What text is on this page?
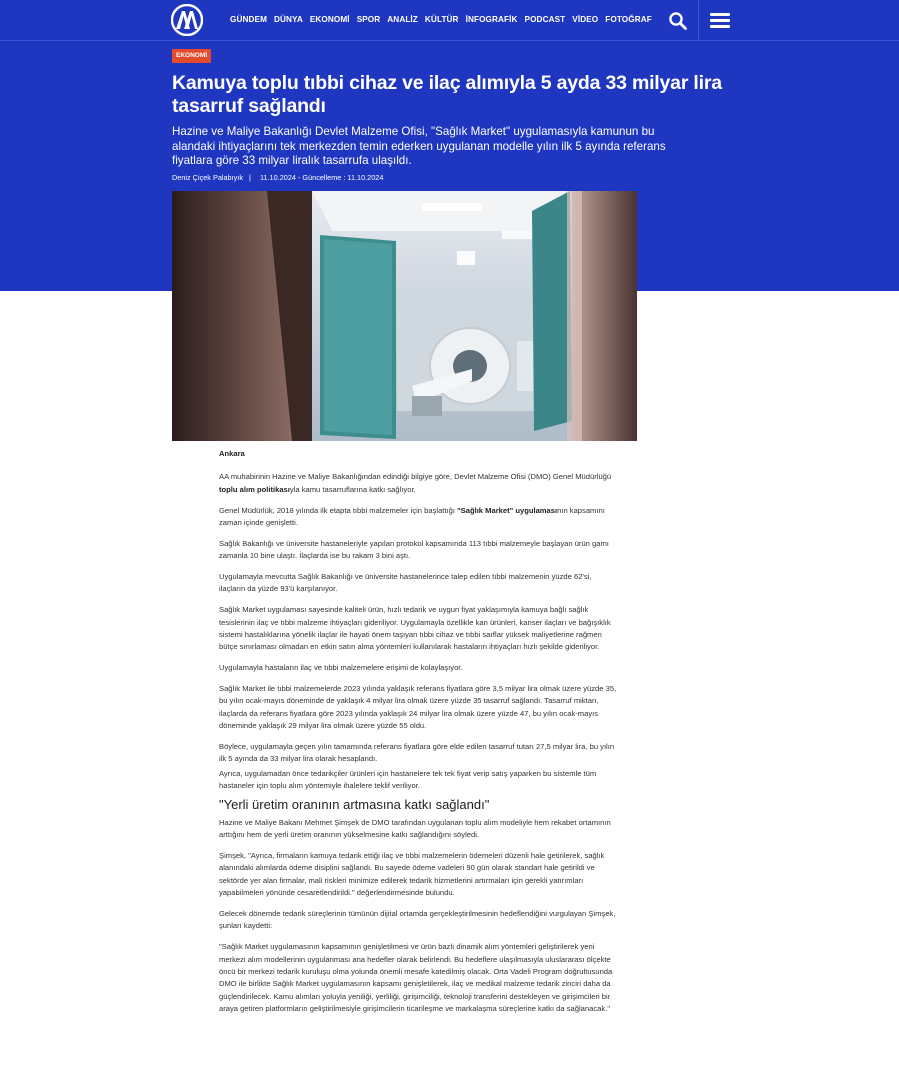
GÜNDEM DÜNYA EKONOMİ SPOR ANALİZ KÜLTÜR İNFOGRAFİK PODCAST VİDEO FOTOĞRAF
EKONOMİ
Kamuya toplu tıbbi cihaz ve ilaç alımıyla 5 ayda 33 milyar lira tasarruf sağlandı

Hazine ve Maliye Bakanlığı Devlet Malzeme Ofisi, "Sağlık Market" uygulamasıyla kamunun bu alandaki ihtiyaçlarını tek merkezden temin ederken uygulanan modelle yılın ilk 5 ayında referans fiyatlara göre 33 milyar liralık tasarrufa ulaşıldı.

Deniz Çiçek Palabıyık | 11.10.2024 - Güncelleme : 11.10.2024

Ankara

AA muhabirinin Hazine ve Maliye Bakanlığından edindiği bilgiye göre, Devlet Malzeme Ofisi (DMO) Genel Müdürlüğü toplu alım politikasıyla kamu tasarruflarına katkı sağlıyor.

Genel Müdürlük, 2018 yılında ilk etapta tıbbi malzemeler için başlattığı "Sağlık Market" uygulamasının kapsamını zaman içinde genişletti.

Sağlık Bakanlığı ve üniversite hastaneleriyle yapılan protokol kapsamında 113 tıbbi malzemeyle başlayan ürün gamı zamanla 10 bine ulaştı. İlaçlarda ise bu rakam 3 bini aştı.

Uygulamayla mevcutta Sağlık Bakanlığı ve üniversite hastanelerince talep edilen tıbbi malzemenin yüzde 62'si, ilaçların da yüzde 93'ü karşılanıyor.

Sağlık Market uygulaması sayesinde kaliteli ürün, hızlı tedarik ve uygun fiyat yaklaşımıyla kamuya bağlı sağlık tesislerinin ilaç ve tıbbi malzeme ihtiyaçları gideriliyor. Uygulamayla özellikle kan ürünleri, kanser ilaçları ve bağışıklık sistemi hastalıklarına yönelik ilaçlar ile hayati önem taşıyan tıbbi cihaz ve tıbbi sarflar yüksek maliyetlerine rağmen bütçe sınırlaması olmadan en etkin satın alma yöntemleri kullanılarak hastaların ihtiyaçları hızlı şekilde gideriliyor.

Uygulamayla hastaların ilaç ve tıbbi malzemelere erişimi de kolaylaşıyor.

Sağlık Market ile tıbbi malzemelerde 2023 yılında yaklaşık referans fiyatlara göre 3,5 milyar lira olmak üzere yüzde 35, bu yılın ocak-mayıs döneminde de yaklaşık 4 milyar lira olmak üzere yüzde 35 tasarruf sağlandı. Tasarruf miktarı, ilaçlarda da referans fiyatlara göre 2023 yılında yaklaşık 24 milyar lira olmak üzere yüzde 47, bu yılın ocak-mayıs döneminde yaklaşık 29 milyar lira olmak üzere yüzde 55 oldu.

Böylece, uygulamayla geçen yılın tamamında referans fiyatlara göre elde edilen tasarruf tutarı 27,5 milyar lira, bu yılın ilk 5 ayında da 33 milyar lira olarak hesaplandı.

Ayrıca, uygulamadan önce tedarikçiler ürünleri için hastanelere tek tek fiyat verip satış yaparken bu sistemle tüm hastaneler için toplu alım yöntemiyle ihalelere teklif veriliyor.

"Yerli üretim oranının artmasına katkı sağlandı"

Hazine ve Maliye Bakanı Mehmet Şimşek de DMO tarafından uygulanan toplu alım modeliyle hem rekabet ortamının arttığını hem de yerli üretim oranının yükselmesine katkı sağlandığını söyledi.

Şimşek, "Ayrıca, firmaların kamuya tedarik ettiği ilaç ve tıbbi malzemelerin ödemeleri düzenli hale getirilerek, sağlık alanındaki alımlarda ödeme disiplini sağlandı. Bu sayede ödeme vadeleri 90 gün olarak standart hale getirildi ve sektörde yer alan firmalar, mali riskleri minimize edilerek tedarik hizmetlerini artırmaları için gerekli yatırımları yapabilmeleri yönünde cesaretlendirildi." değerlendirmesinde bulundu.

Gelecek dönemde tedarik süreçlerinin tümünün dijital ortamda gerçekleştirilmesinin hedeflendiğini vurgulayan Şimşek, şunları kaydetti:

"Sağlık Market uygulamasının kapsamının genişletilmesi ve ürün bazlı dinamik alım yöntemleri geliştirilerek yeni merkezi alım modellerinin uygulanması ana hedefler olarak belirlendi. Bu hedeflere ulaşılmasıyla uluslararası ölçekte öncü bir merkezi tedarik kuruluşu olma yolunda önemli mesafe katedilmiş olacak. Orta Vadeli Program doğrultusunda DMO ile birlikte Sağlık Market uygulamasının kapsamı genişletilerek, ilaç ve medikal malzeme tedarik zinciri daha da güçlendirilecek. Kamu alımları yoluyla yeniliği, yerliliği, girişimciliği, teknoloji transferini destekleyen ve girişimcileri bir araya getiren platformların geliştirilmesiyle girişimcilerin ticarileşme ve markalaşma süreçlerine katkı da sağlanacak."
